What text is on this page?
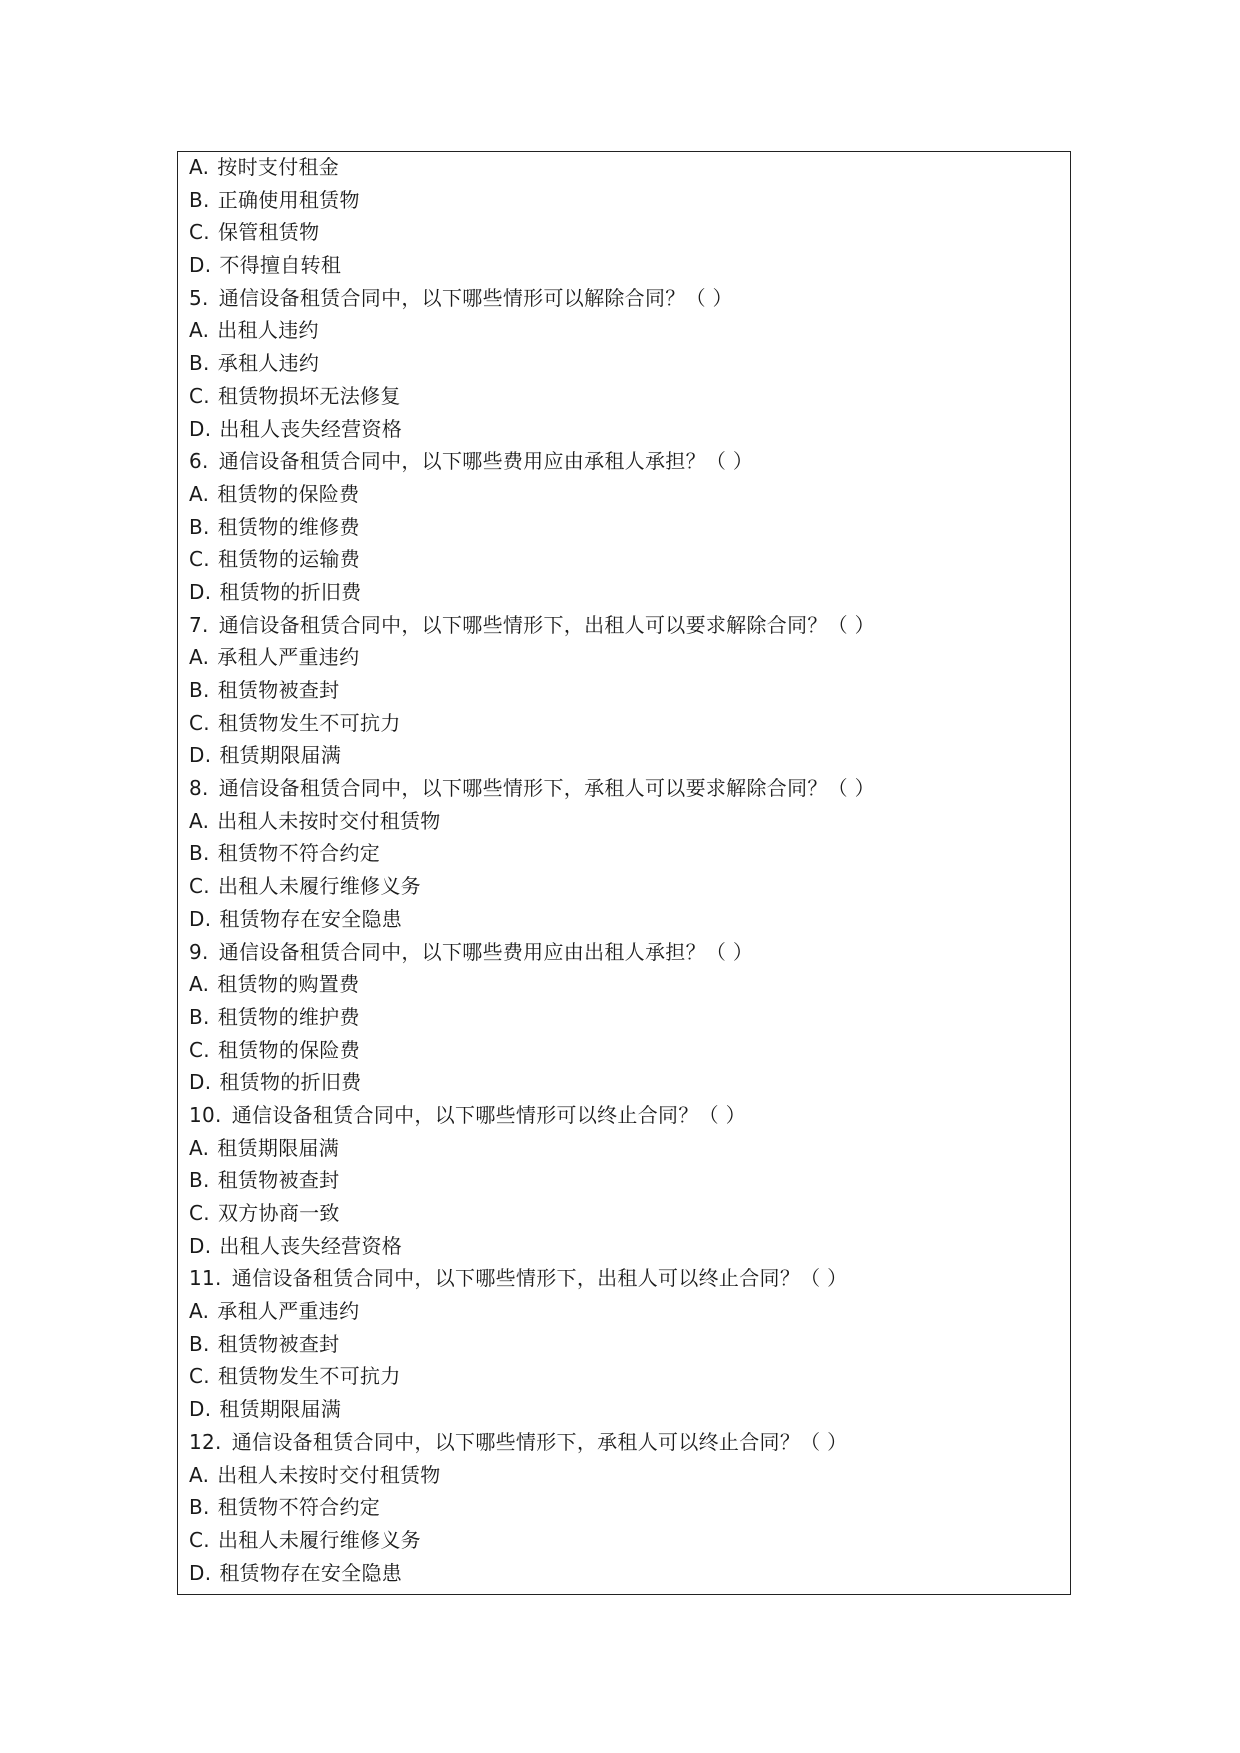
A. 按时支付租金
B. 正确使用租赁物
C. 保管租赁物
D. 不得擅自转租
5. 通信设备租赁合同中，以下哪些情形可以解除合同？（ ）
A. 出租人违约
B. 承租人违约
C. 租赁物损坏无法修复
D. 出租人丧失经营资格
6. 通信设备租赁合同中，以下哪些费用应由承租人承担？（ ）
A. 租赁物的保险费
B. 租赁物的维修费
C. 租赁物的运输费
D. 租赁物的折旧费
7. 通信设备租赁合同中，以下哪些情形下，出租人可以要求解除合同？（ ）
A. 承租人严重违约
B. 租赁物被查封
C. 租赁物发生不可抗力
D. 租赁期限届满
8. 通信设备租赁合同中，以下哪些情形下，承租人可以要求解除合同？（ ）
A. 出租人未按时交付租赁物
B. 租赁物不符合约定
C. 出租人未履行维修义务
D. 租赁物存在安全隐患
9. 通信设备租赁合同中，以下哪些费用应由出租人承担？（ ）
A. 租赁物的购置费
B. 租赁物的维护费
C. 租赁物的保险费
D. 租赁物的折旧费
10. 通信设备租赁合同中，以下哪些情形可以终止合同？（ ）
A. 租赁期限届满
B. 租赁物被查封
C. 双方协商一致
D. 出租人丧失经营资格
11. 通信设备租赁合同中，以下哪些情形下，出租人可以终止合同？（ ）
A. 承租人严重违约
B. 租赁物被查封
C. 租赁物发生不可抗力
D. 租赁期限届满
12. 通信设备租赁合同中，以下哪些情形下，承租人可以终止合同？（ ）
A. 出租人未按时交付租赁物
B. 租赁物不符合约定
C. 出租人未履行维修义务
D. 租赁物存在安全隐患
